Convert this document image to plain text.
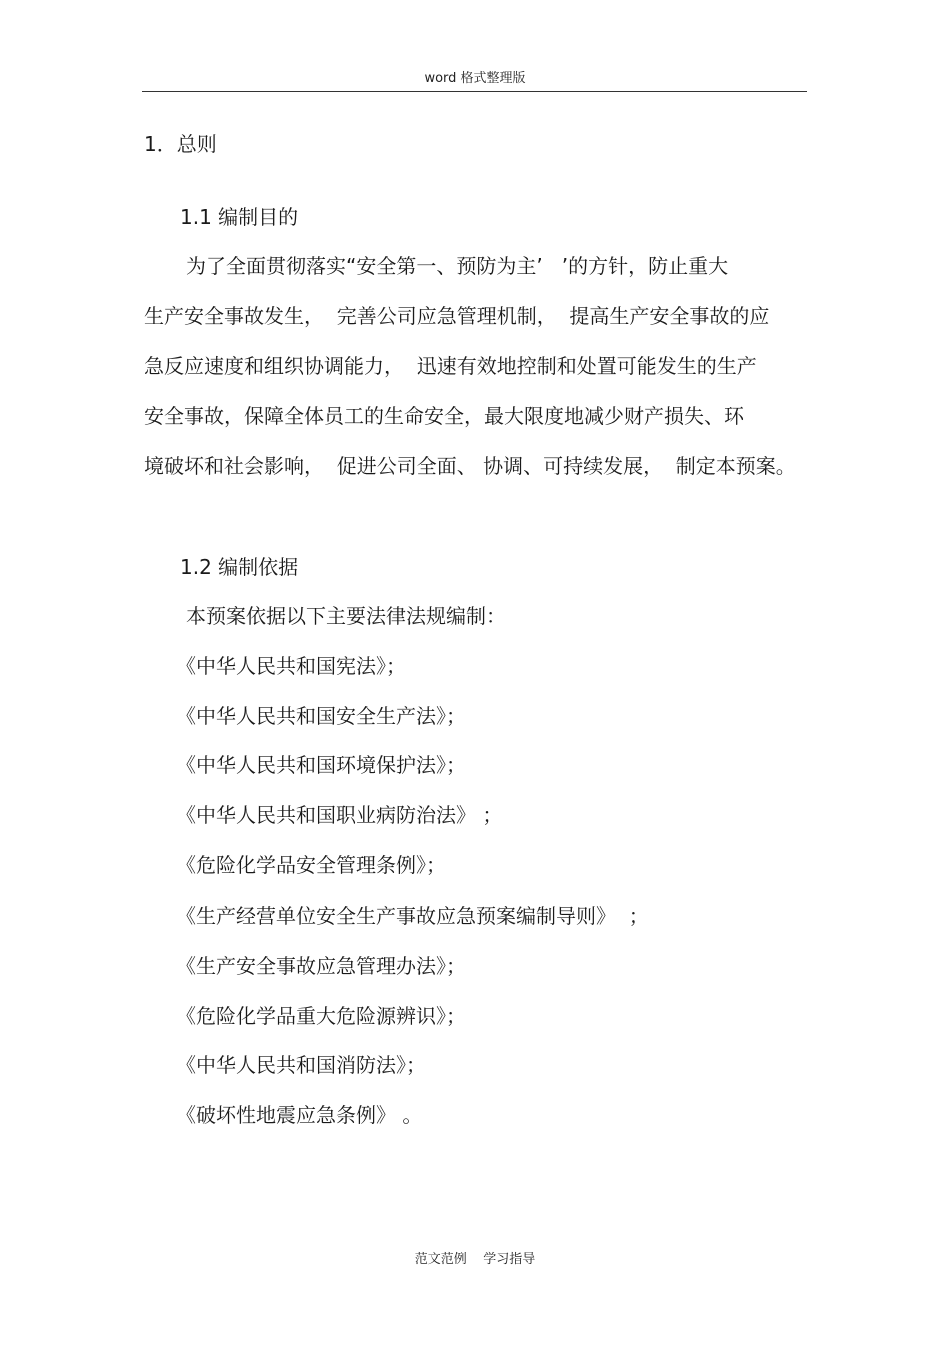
word 格式整理版
1．总则
1.1 编制目的
为了全面贯彻落实“安全第一、预防为主’   ’的方针，防止重大
生产安全事故发生，  完善公司应急管理机制，  提高生产安全事故的应
急反应速度和组织协调能力，  迅速有效地控制和处置可能发生的生产
安全事故，保障全体员工的生命安全，最大限度地减少财产损失、环
境破坏和社会影响，  促进公司全面、 协调、可持续发展，  制定本预案。
1.2 编制依据
本预案依据以下主要法律法规编制：
《中华人民共和国宪法》；
《中华人民共和国安全生产法》；
《中华人民共和国环境保护法》；
《中华人民共和国职业病防治法》 ；
《危险化学品安全管理条例》；
《生产经营单位安全生产事故应急预案编制导则》  ；
《生产安全事故应急管理办法》；
《危险化学品重大危险源辨识》；
《中华人民共和国消防法》；
《破坏性地震应急条例》 。
范文范例    学习指导
